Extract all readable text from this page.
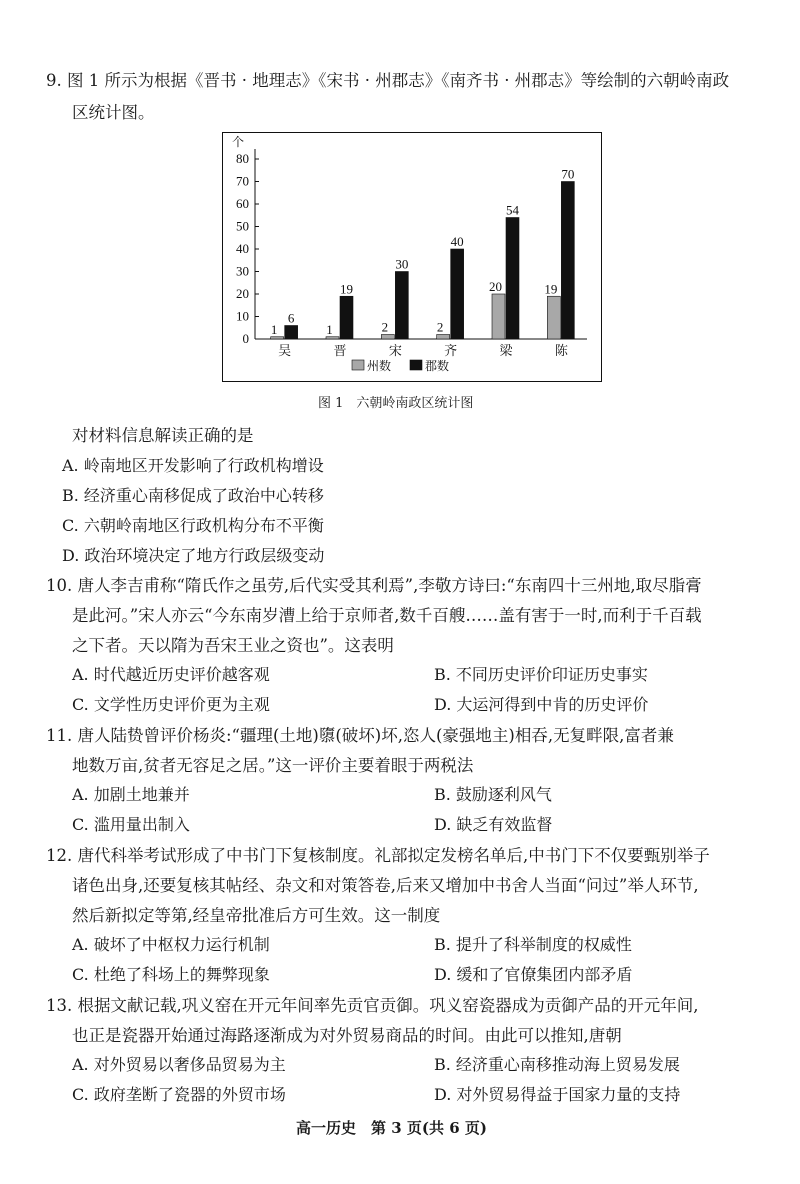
9. 图 1 所示为根据《晋书 · 地理志》《宋书 · 州郡志》《南齐书 · 州郡志》等绘制的六朝岭南政
区统计图。
个
0
10
20
30
40
50
60
70
80
吴	晋	宋	齐	梁	陈
1
6
1
19
2
30
2
40
20
54
19
70
州数	郡数
图 1　六朝岭南政区统计图
对材料信息解读正确的是
A. 岭南地区开发影响了行政机构增设
B. 经济重心南移促成了政治中心转移
C. 六朝岭南地区行政机构分布不平衡
D. 政治环境决定了地方行政层级变动
10. 唐人李吉甫称“隋氏作之虽劳,后代实受其利焉”,李敬方诗曰:“东南四十三州地,取尽脂膏
是此河。”宋人亦云“今东南岁漕上给于京师者,数千百艘……盖有害于一时,而利于千百载
之下者。天以隋为吾宋王业之资也”。这表明
A. 时代越近历史评价越客观	B. 不同历史评价印证历史事实
C. 文学性历史评价更为主观	D. 大运河得到中肯的历史评价
11. 唐人陆贽曾评价杨炎:“疆理(土地)隳(破坏)坏,恣人(豪强地主)相吞,无复畔限,富者兼
地数万亩,贫者无容足之居。”这一评价主要着眼于两税法
A. 加剧土地兼并	B. 鼓励逐利风气
C. 滥用量出制入	D. 缺乏有效监督
12. 唐代科举考试形成了中书门下复核制度。礼部拟定发榜名单后,中书门下不仅要甄别举子
诸色出身,还要复核其帖经、杂文和对策答卷,后来又增加中书舍人当面“问过”举人环节,
然后新拟定等第,经皇帝批准后方可生效。这一制度
A. 破坏了中枢权力运行机制	B. 提升了科举制度的权威性
C. 杜绝了科场上的舞弊现象	D. 缓和了官僚集团内部矛盾
13. 根据文献记载,巩义窑在开元年间率先贡官贡御。巩义窑瓷器成为贡御产品的开元年间,
也正是瓷器开始通过海路逐渐成为对外贸易商品的时间。由此可以推知,唐朝
A. 对外贸易以奢侈品贸易为主	B. 经济重心南移推动海上贸易发展
C. 政府垄断了瓷器的外贸市场	D. 对外贸易得益于国家力量的支持
高一历史　第 3 页(共 6 页)
